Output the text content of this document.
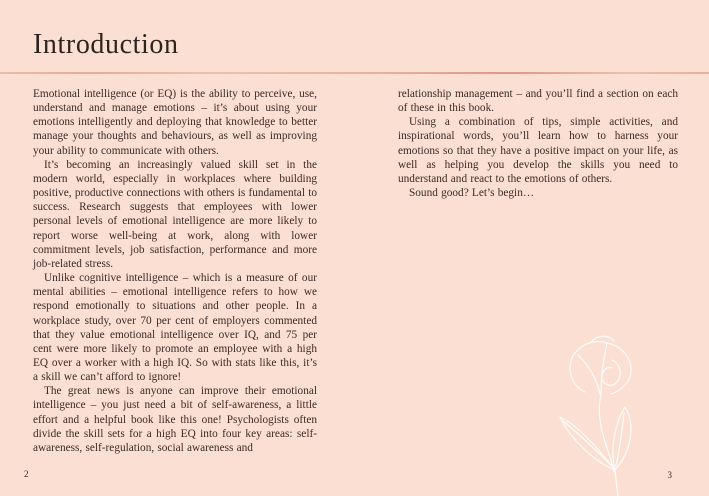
Introduction

Emotional intelligence (or EQ) is the ability to perceive, use, understand and manage emotions – it’s about using your emotions intelligently and deploying that knowledge to better manage your thoughts and behaviours, as well as improving your ability to communicate with others.

It’s becoming an increasingly valued skill set in the modern world, especially in workplaces where building positive, productive connections with others is fundamental to success. Research suggests that employees with lower personal levels of emotional intelligence are more likely to report worse well-being at work, along with lower commitment levels, job satisfaction, performance and more job-related stress.

Unlike cognitive intelligence – which is a measure of our mental abilities – emotional intelligence refers to how we respond emotionally to situations and other people. In a workplace study, over 70 per cent of employers commented that they value emotional intelligence over IQ, and 75 per cent were more likely to promote an employee with a high EQ over a worker with a high IQ. So with stats like this, it’s a skill we can’t afford to ignore!

The great news is anyone can improve their emotional intelligence – you just need a bit of self-awareness, a little effort and a helpful book like this one! Psychologists often divide the skill sets for a high EQ into four key areas: self-awareness, self-regulation, social awareness and

relationship management – and you’ll find a section on each of these in this book.

Using a combination of tips, simple activities, and inspirational words, you’ll learn how to harness your emotions so that they have a positive impact on your life, as well as helping you develop the skills you need to understand and react to the emotions of others.

Sound good? Let’s begin…

2	3
